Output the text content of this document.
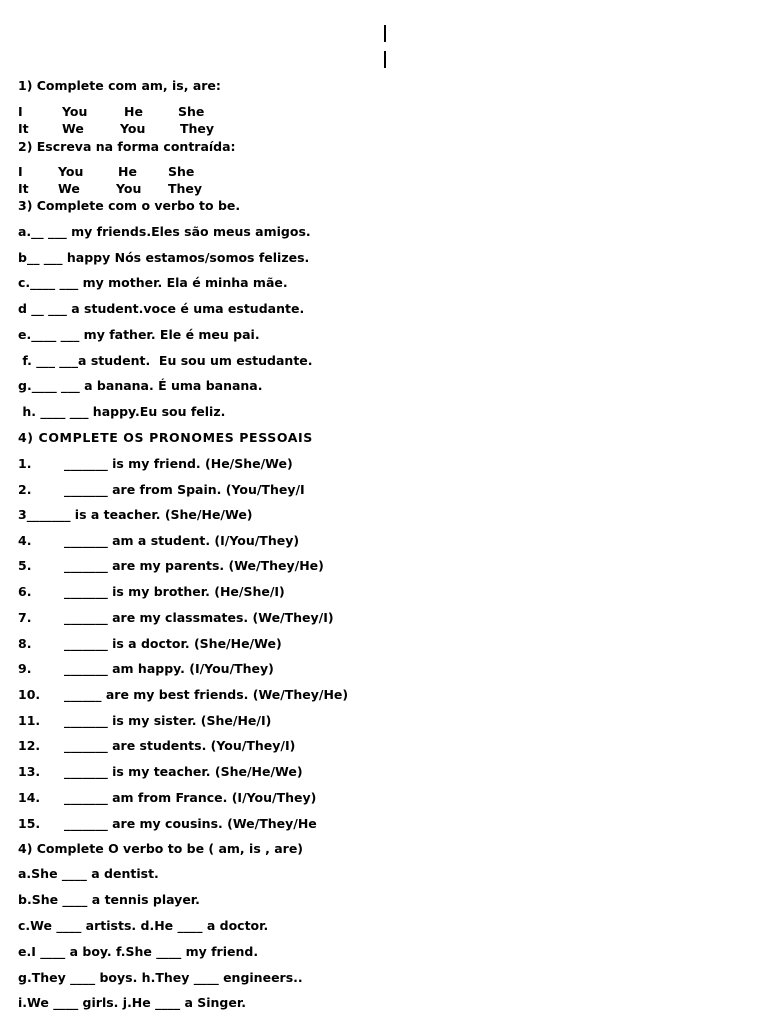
1) Complete com am, is, are:
I	You	He	She
It	We	You	They
2) Escreva na forma contraída:
I	You	He She
It We	You They
3) Complete com o verbo to be.
a.__ ___ my friends.Eles são meus amigos.
b__ ___ happy Nós estamos/somos felizes.
c.____ ___ my mother. Ela é minha mãe.
d __ ___ a student.voce é uma estudante.
e.____ ___ my father. Ele é meu pai.
f. ___ ___a student.  Eu sou um estudante.
g.____ ___ a banana. É uma banana.
h. ____ ___ happy.Eu sou feliz.
4) COMPLETE OS PRONOMES PESSOAIS
1.	_______ is my friend. (He/She/We)
2.	_______ are from Spain. (You/They/I
3_______ is a teacher. (She/He/We)
4.	_______ am a student. (I/You/They)
5.	_______ are my parents. (We/They/He)
6.	_______ is my brother. (He/She/I)
7.	_______ are my classmates. (We/They/I)
8.	_______ is a doctor. (She/He/We)
9.	_______ am happy. (I/You/They)
10. ______ are my best friends. (We/They/He)
11. _______ is my sister. (She/He/I)
12. _______ are students. (You/They/I)
13. _______ is my teacher. (She/He/We)
14. _______ am from France. (I/You/They)
15. _______ are my cousins. (We/They/He
4) Complete O verbo to be ( am, is , are)
a.She ____ a dentist.
b.She ____ a tennis player.
c.We ____ artists. d.He ____ a doctor.
e.I ____ a boy. f.She ____ my friend.
g.They ____ boys. h.They ____ engineers..
i.We ____ girls. j.He ____ a Singer.
